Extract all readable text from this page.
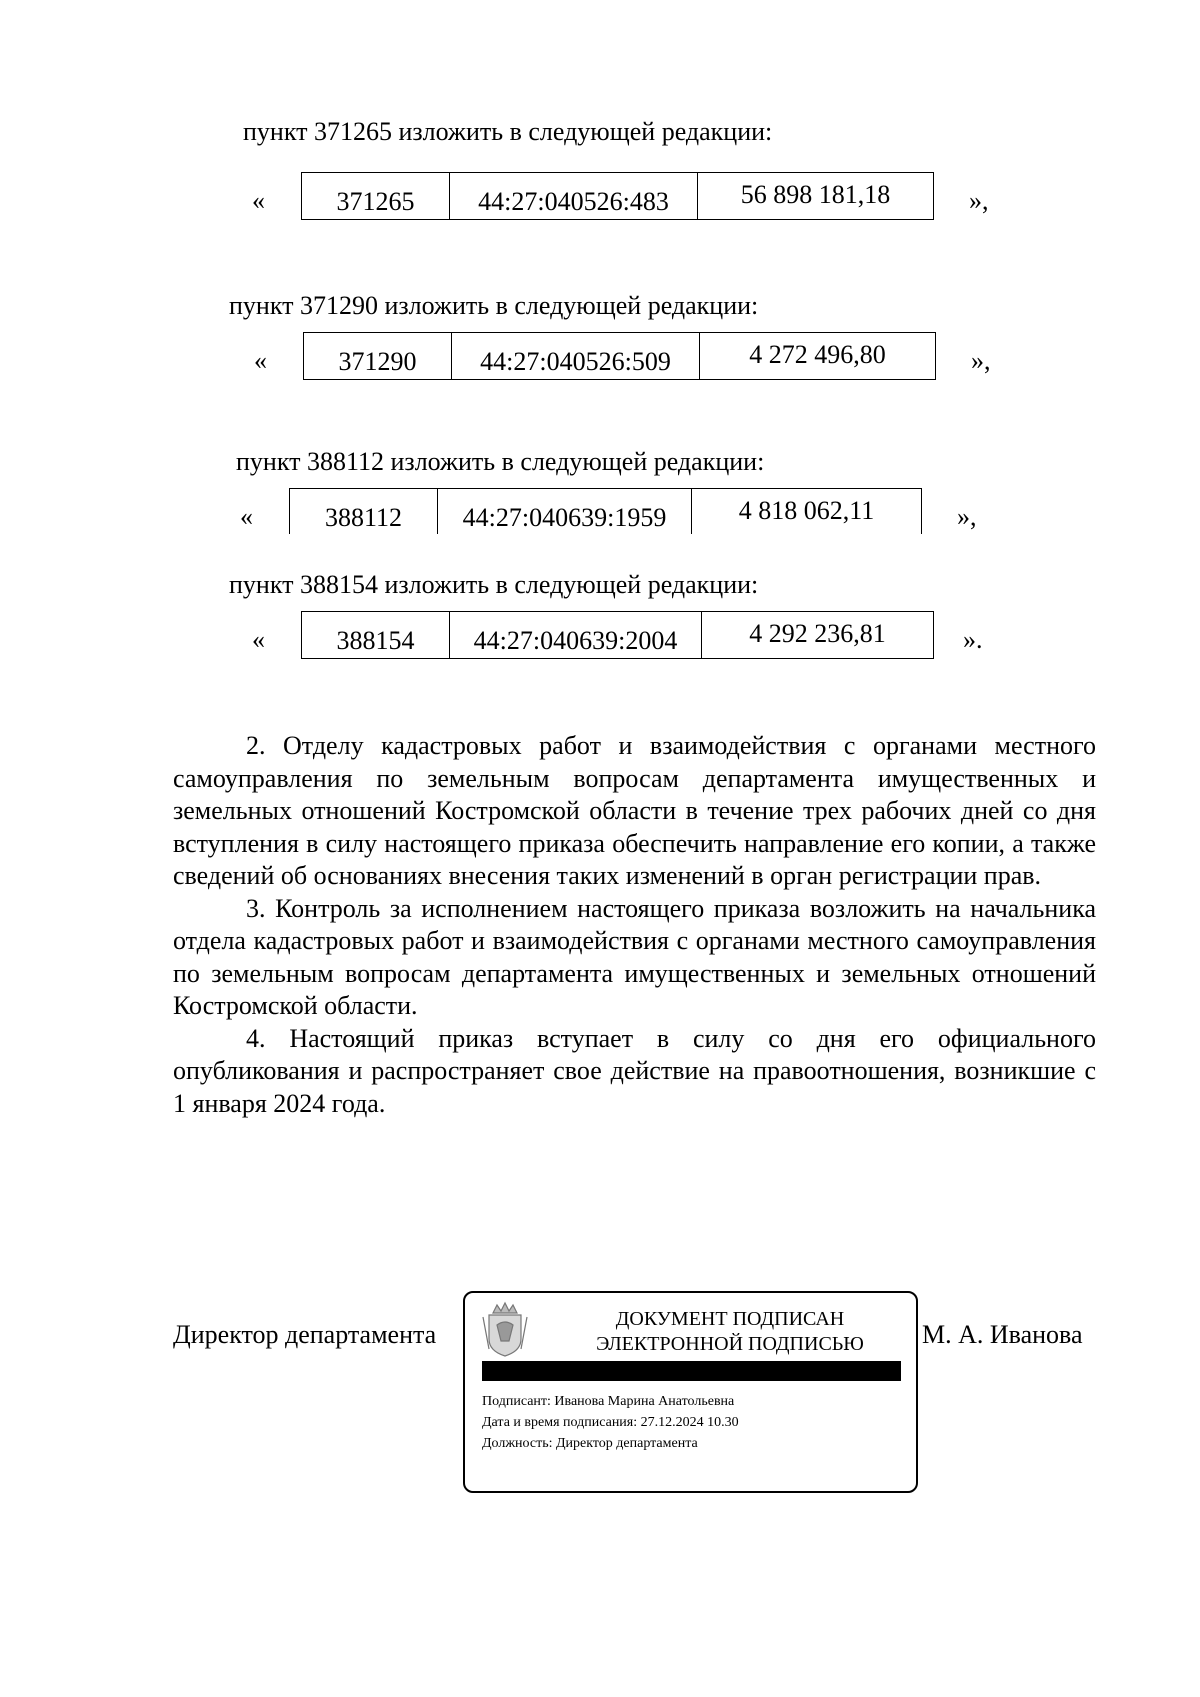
пункт 371265 изложить в следующей редакции:
«	371265	44:27:040526:483	56 898 181,18	»,
пункт 371290 изложить в следующей редакции:
«	371290	44:27:040526:509	4 272 496,80	»,
пункт 388112 изложить в следующей редакции:
«	388112	44:27:040639:1959	4 818 062,11	»,
пункт 388154 изложить в следующей редакции:
«	388154	44:27:040639:2004	4 292 236,81	».

2. Отделу кадастровых работ и взаимодействия с органами местного самоуправления по земельным вопросам департамента имущественных и земельных отношений Костромской области в течение трех рабочих дней со дня вступления в силу настоящего приказа обеспечить направление его копии, а также сведений об основаниях внесения таких изменений в орган регистрации прав.

3. Контроль за исполнением настоящего приказа возложить на начальника отдела кадастровых работ и взаимодействия с органами местного самоуправления по земельным вопросам департамента имущественных и земельных отношений Костромской области.

4. Настоящий приказ вступает в силу со дня его официального опубликования и распространяет свое действие на правоотношения, возникшие с 1 января 2024 года.

Директор департамента	М. А. Иванова
ДОКУМЕНТ ПОДПИСАН
ЭЛЕКТРОННОЙ ПОДПИСЬЮ
Подписант: Иванова Марина Анатольевна
Дата и время подписания: 27.12.2024 10.30
Должность: Директор департамента
